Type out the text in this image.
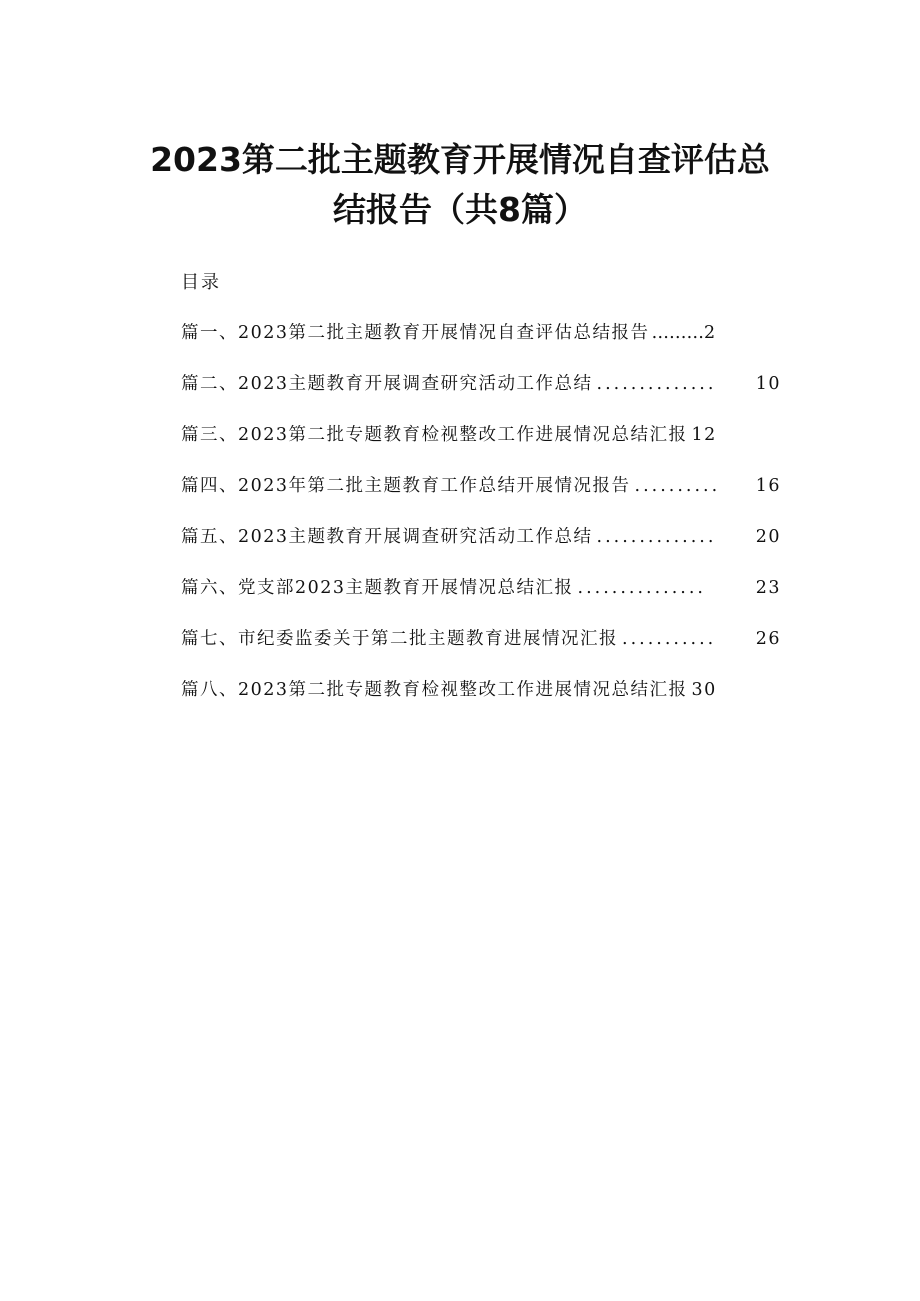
2023第二批主题教育开展情况自查评估总
结报告（共8篇）
目录
篇一、2023第二批主题教育开展情况自查评估总结报告 ……… 2
篇二、2023主题教育开展调查研究活动工作总结 ..............	10
篇三、2023第二批专题教育检视整改工作进展情况总结汇报 12
篇四、2023年第二批主题教育工作总结开展情况报告 ..........	16
篇五、2023主题教育开展调查研究活动工作总结 ..............	20
篇六、党支部2023主题教育开展情况总结汇报 ...............	23
篇七、市纪委监委关于第二批主题教育进展情况汇报 ...........	26
篇八、2023第二批专题教育检视整改工作进展情况总结汇报 30
